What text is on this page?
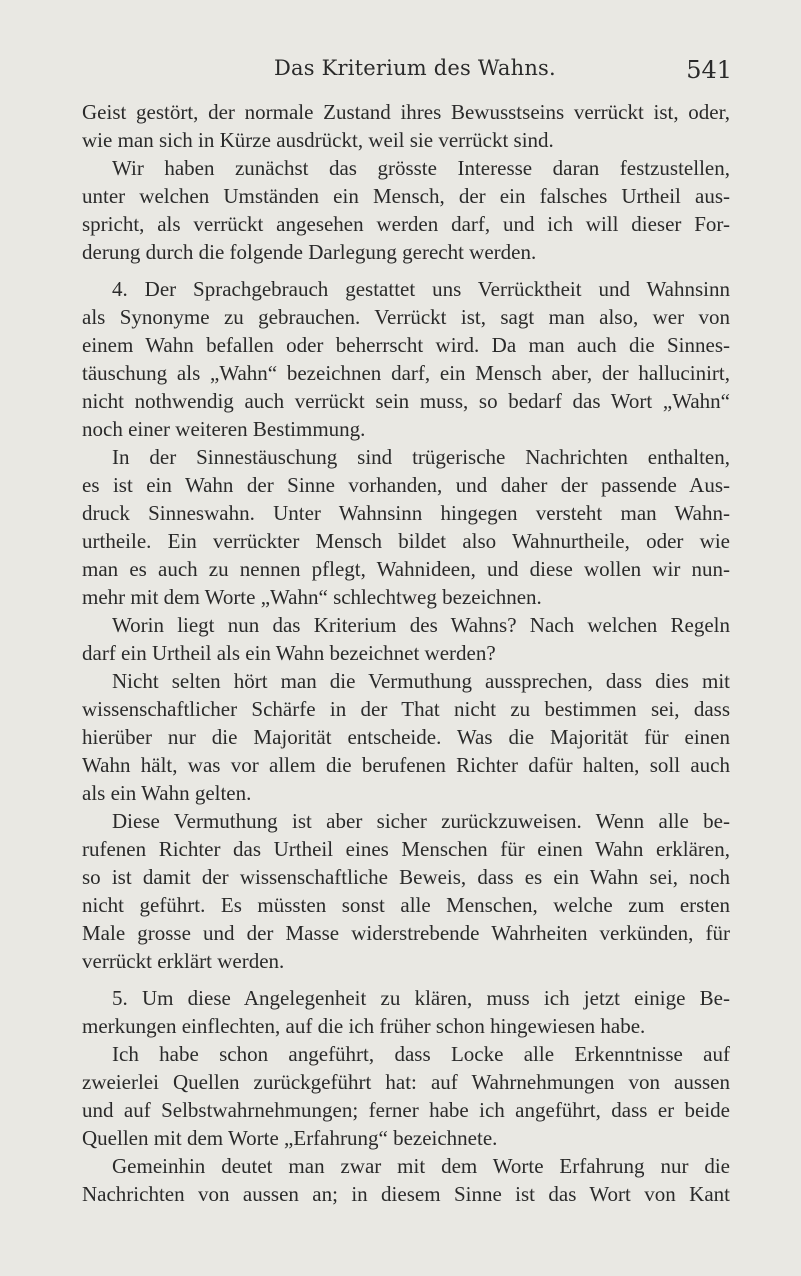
Das Kriterium des Wahns.	541
Geist gestört, der normale Zustand ihres Bewusstseins verrückt ist, oder,
wie man sich in Kürze ausdrückt, weil sie verrückt sind.
Wir haben zunächst das grösste Interesse daran festzustellen,
unter welchen Umständen ein Mensch, der ein falsches Urtheil aus-
spricht, als verrückt angesehen werden darf, und ich will dieser For-
derung durch die folgende Darlegung gerecht werden.
4. Der Sprachgebrauch gestattet uns Verrücktheit und Wahnsinn
als Synonyme zu gebrauchen. Verrückt ist, sagt man also, wer von
einem Wahn befallen oder beherrscht wird. Da man auch die Sinnes-
täuschung als „Wahn“ bezeichnen darf, ein Mensch aber, der hallucinirt,
nicht nothwendig auch verrückt sein muss, so bedarf das Wort „Wahn“
noch einer weiteren Bestimmung.
In der Sinnestäuschung sind trügerische Nachrichten enthalten,
es ist ein Wahn der Sinne vorhanden, und daher der passende Aus-
druck Sinneswahn. Unter Wahnsinn hingegen versteht man Wahn-
urtheile. Ein verrückter Mensch bildet also Wahnurtheile, oder wie
man es auch zu nennen pflegt, Wahnideen, und diese wollen wir nun-
mehr mit dem Worte „Wahn“ schlechtweg bezeichnen.
Worin liegt nun das Kriterium des Wahns? Nach welchen Regeln
darf ein Urtheil als ein Wahn bezeichnet werden?
Nicht selten hört man die Vermuthung aussprechen, dass dies mit
wissenschaftlicher Schärfe in der That nicht zu bestimmen sei, dass
hierüber nur die Majorität entscheide. Was die Majorität für einen
Wahn hält, was vor allem die berufenen Richter dafür halten, soll auch
als ein Wahn gelten.
Diese Vermuthung ist aber sicher zurückzuweisen. Wenn alle be-
rufenen Richter das Urtheil eines Menschen für einen Wahn erklären,
so ist damit der wissenschaftliche Beweis, dass es ein Wahn sei, noch
nicht geführt. Es müssten sonst alle Menschen, welche zum ersten
Male grosse und der Masse widerstrebende Wahrheiten verkünden, für
verrückt erklärt werden.
5. Um diese Angelegenheit zu klären, muss ich jetzt einige Be-
merkungen einflechten, auf die ich früher schon hingewiesen habe.
Ich habe schon angeführt, dass Locke alle Erkenntnisse auf
zweierlei Quellen zurückgeführt hat: auf Wahrnehmungen von aussen
und auf Selbstwahrnehmungen; ferner habe ich angeführt, dass er beide
Quellen mit dem Worte „Erfahrung“ bezeichnete.
Gemeinhin deutet man zwar mit dem Worte Erfahrung nur die
Nachrichten von aussen an; in diesem Sinne ist das Wort von Kant
